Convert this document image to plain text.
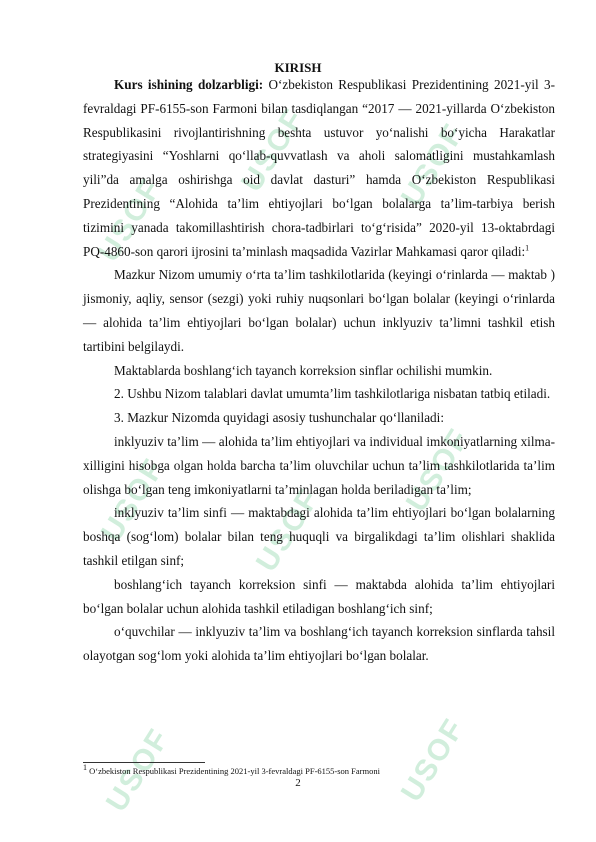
USOF
USOF	USOF
USOF	USOF
USOF
USOF	USOF
KIRISH

Kurs ishining dolzarbligi: O‘zbekiston Respublikasi Prezidentining 2021-yil 3-fevraldagi PF-6155-son Farmoni bilan tasdiqlangan “2017 — 2021-yillarda O‘zbekiston Respublikasini rivojlantirishning beshta ustuvor yo‘nalishi bo‘yicha Harakatlar strategiyasini “Yoshlarni qo‘llab-quvvatlash va aholi salomatligini mustahkamlash yili”da amalga oshirishga oid davlat dasturi” hamda O‘zbekiston Respublikasi Prezidentining “Alohida ta’lim ehtiyojlari bo‘lgan bolalarga ta’lim-tarbiya berish tizimini yanada takomillashtirish chora-tadbirlari to‘g‘risida” 2020-yil 13-oktabrdagi PQ-4860-son qarori ijrosini ta’minlash maqsadida Vazirlar Mahkamasi qaror qiladi:$^1$

Mazkur Nizom umumiy o‘rta ta’lim tashkilotlarida (keyingi o‘rinlarda — maktab ) jismoniy, aqliy, sensor (sezgi) yoki ruhiy nuqsonlari bo‘lgan bolalar (keyingi o‘rinlarda — alohida ta’lim ehtiyojlari bo‘lgan bolalar) uchun inklyuziv ta’limni tashkil etish tartibini belgilaydi.

Maktablarda boshlang‘ich tayanch korreksion sinflar ochilishi mumkin.

2. Ushbu Nizom talablari davlat umumta’lim tashkilotlariga nisbatan tatbiq etiladi.

3. Mazkur Nizomda quyidagi asosiy tushunchalar qo‘llaniladi:

inklyuziv ta’lim — alohida ta’lim ehtiyojlari va individual imkoniyatlarning xilma-xilligini hisobga olgan holda barcha ta’lim oluvchilar uchun ta’lim tashkilotlarida ta’lim olishga bo‘lgan teng imkoniyatlarni ta’minlagan holda beriladigan ta’lim;

inklyuziv ta’lim sinfi — maktabdagi alohida ta’lim ehtiyojlari bo‘lgan bolalarning boshqa (sog‘lom) bolalar bilan teng huquqli va birgalikdagi ta’lim olishlari shaklida tashkil etilgan sinf;

boshlang‘ich tayanch korreksion sinfi — maktabda alohida ta’lim ehtiyojlari bo‘lgan bolalar uchun alohida tashkil etiladigan boshlang‘ich sinf;

o‘quvchilar — inklyuziv ta’lim va boshlang‘ich tayanch korreksion sinflarda tahsil olayotgan sog‘lom yoki alohida ta’lim ehtiyojlari bo‘lgan bolalar.

$^1$ O‘zbekiston Respublikasi Prezidentining 2021-yil 3-fevraldagi PF-6155-son Farmoni
2
